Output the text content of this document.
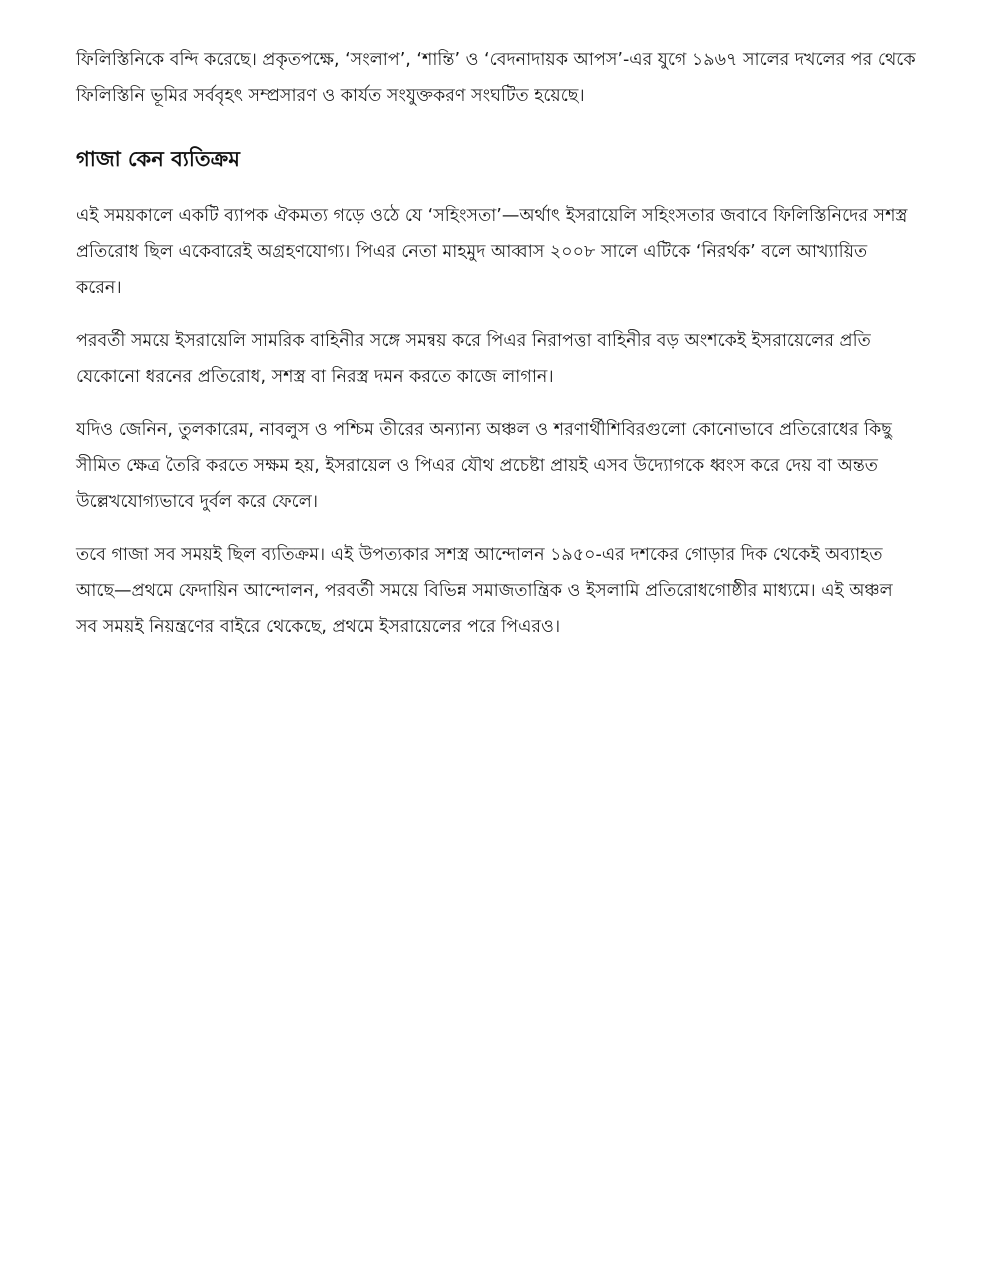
ফিলিস্তিনিকে বন্দি করেছে। প্রকৃতপক্ষে, ‘সংলাপ’, ‘শান্তি’ ও ‘বেদনাদায়ক আপস’-এর যুগে ১৯৬৭ সালের দখলের পর থেকে ফিলিস্তিনি ভূমির সর্ববৃহৎ সম্প্রসারণ ও কার্যত সংযুক্তকরণ সংঘটিত হয়েছে।

গাজা কেন ব্যতিক্রম

এই সময়কালে একটি ব্যাপক ঐকমত্য গড়ে ওঠে যে ‘সহিংসতা’—অর্থাৎ ইসরায়েলি সহিংসতার জবাবে ফিলিস্তিনিদের সশস্ত্র প্রতিরোধ ছিল একেবারেই অগ্রহণযোগ্য। পিএর নেতা মাহমুদ আব্বাস ২০০৮ সালে এটিকে ‘নিরর্থক’ বলে আখ্যায়িত করেন।

পরবর্তী সময়ে ইসরায়েলি সামরিক বাহিনীর সঙ্গে সমন্বয় করে পিএর নিরাপত্তা বাহিনীর বড় অংশকেই ইসরায়েলের প্রতি যেকোনো ধরনের প্রতিরোধ, সশস্ত্র বা নিরস্ত্র দমন করতে কাজে লাগান।

যদিও জেনিন, তুলকারেম, নাবলুস ও পশ্চিম তীরের অন্যান্য অঞ্চল ও শরণার্থীশিবিরগুলো কোনোভাবে প্রতিরোধের কিছু সীমিত ক্ষেত্র তৈরি করতে সক্ষম হয়, ইসরায়েল ও পিএর যৌথ প্রচেষ্টা প্রায়ই এসব উদ্যোগকে ধ্বংস করে দেয় বা অন্তত উল্লেখযোগ্যভাবে দুর্বল করে ফেলে।

তবে গাজা সব সময়ই ছিল ব্যতিক্রম। এই উপত্যকার সশস্ত্র আন্দোলন ১৯৫০-এর দশকের গোড়ার দিক থেকেই অব্যাহত আছে—প্রথমে ফেদায়িন আন্দোলন, পরবর্তী সময়ে বিভিন্ন সমাজতান্ত্রিক ও ইসলামি প্রতিরোধগোষ্ঠীর মাধ্যমে। এই অঞ্চল সব সময়ই নিয়ন্ত্রণের বাইরে থেকেছে, প্রথমে ইসরায়েলের পরে পিএরও।
